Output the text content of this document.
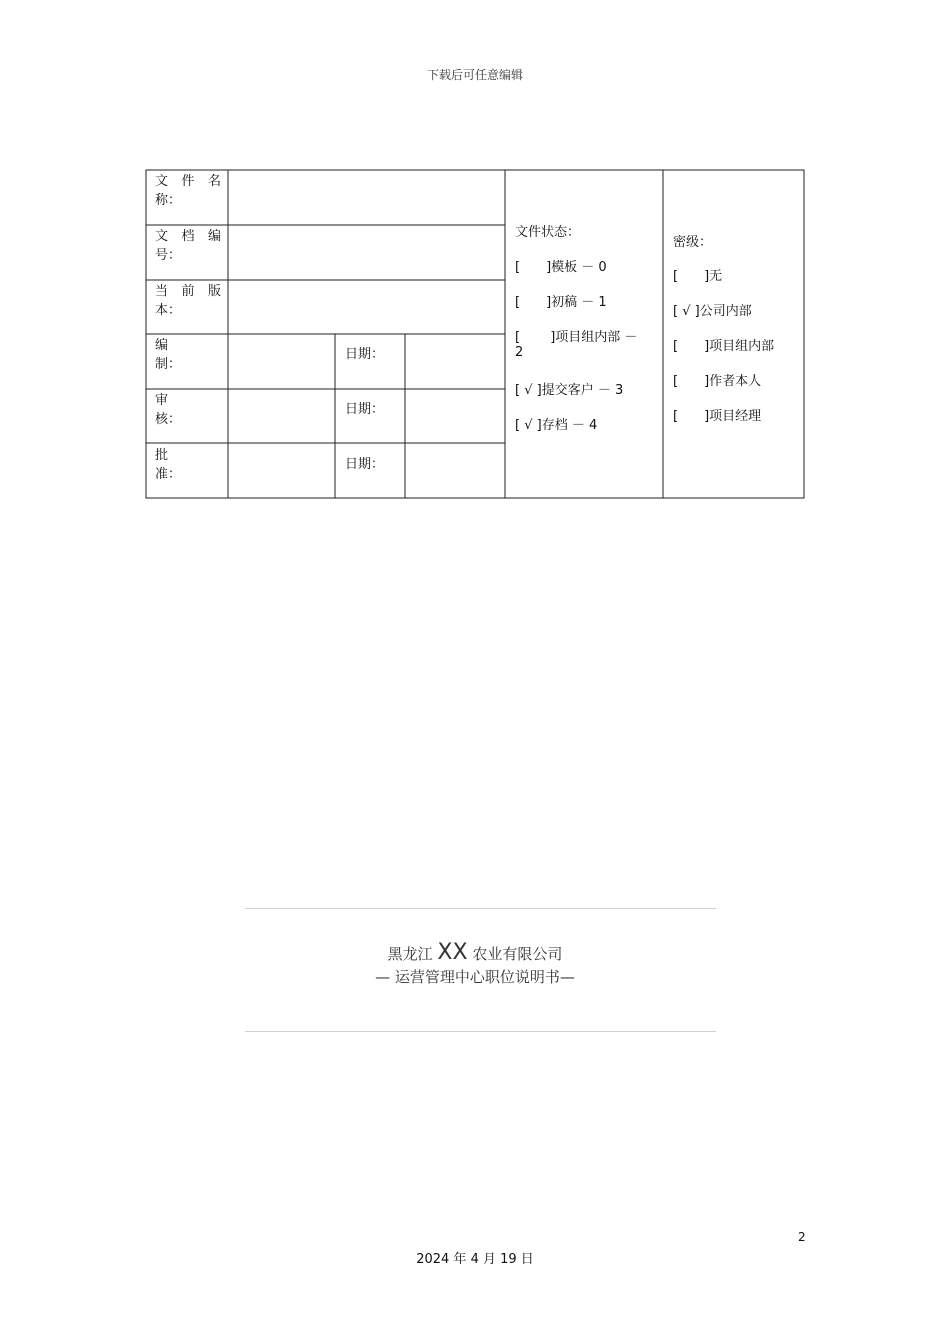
下载后可任意编辑
文 件 名
称：
文 档 编
号：
当 前 版
本：
编
制：
日期：
审
核：
日期：
批
准：
日期：
文件状态：
[　　]模板 － 0
[　　]初稿 － 1
[　　 ]项目组内部 －
2
[ √ ]提交客户 － 3
[ √ ]存档 － 4
密级：
[　　]无
[ √ ]公司内部
[　　]项目组内部
[　　]作者本人
[　　]项目经理
黑龙江 XX 农业有限公司
— 运营管理中心职位说明书—
2
2024 年 4 月 19 日
